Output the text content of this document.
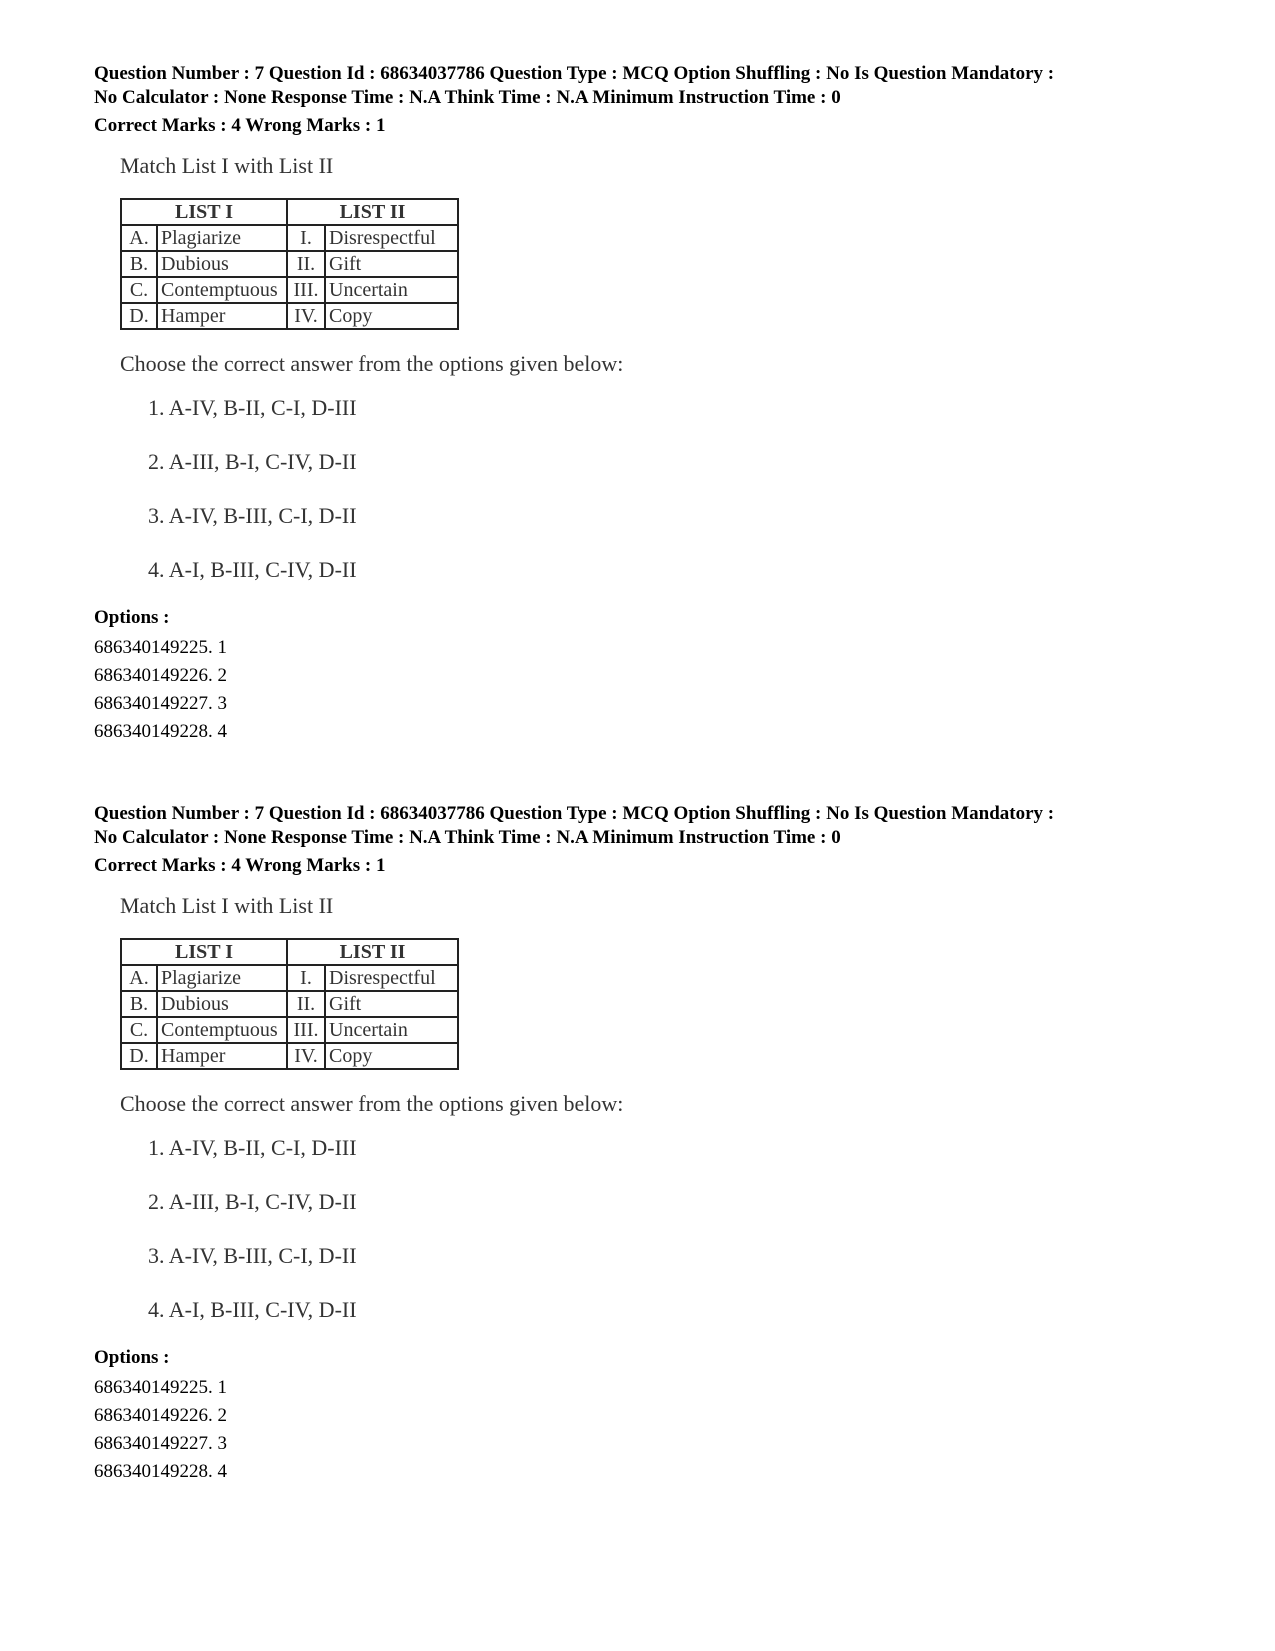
Question Number : 7 Question Id : 68634037786 Question Type : MCQ Option Shuffling : No Is Question Mandatory :

No Calculator : None Response Time : N.A Think Time : N.A Minimum Instruction Time : 0

Correct Marks : 4 Wrong Marks : 1

Match List I with List II

LIST I		LIST II	
A.	Plagiarize	I.	Disrespectful
B.	Dubious	II.	Gift
C.	Contemptuous	III.	Uncertain
D.	Hamper	IV.	Copy

Choose the correct answer from the options given below:

1. A-IV, B-II, C-I, D-III

2. A-III, B-I, C-IV, D-II

3. A-IV, B-III, C-I, D-II

4. A-I, B-III, C-IV, D-II

Options :

686340149225. 1

686340149226. 2

686340149227. 3

686340149228. 4

Question Number : 7 Question Id : 68634037786 Question Type : MCQ Option Shuffling : No Is Question Mandatory :

No Calculator : None Response Time : N.A Think Time : N.A Minimum Instruction Time : 0

Correct Marks : 4 Wrong Marks : 1

Match List I with List II

LIST I		LIST II	
A.	Plagiarize	I.	Disrespectful
B.	Dubious	II.	Gift
C.	Contemptuous	III.	Uncertain
D.	Hamper	IV.	Copy

Choose the correct answer from the options given below:

1. A-IV, B-II, C-I, D-III

2. A-III, B-I, C-IV, D-II

3. A-IV, B-III, C-I, D-II

4. A-I, B-III, C-IV, D-II

Options :

686340149225. 1

686340149226. 2

686340149227. 3

686340149228. 4
